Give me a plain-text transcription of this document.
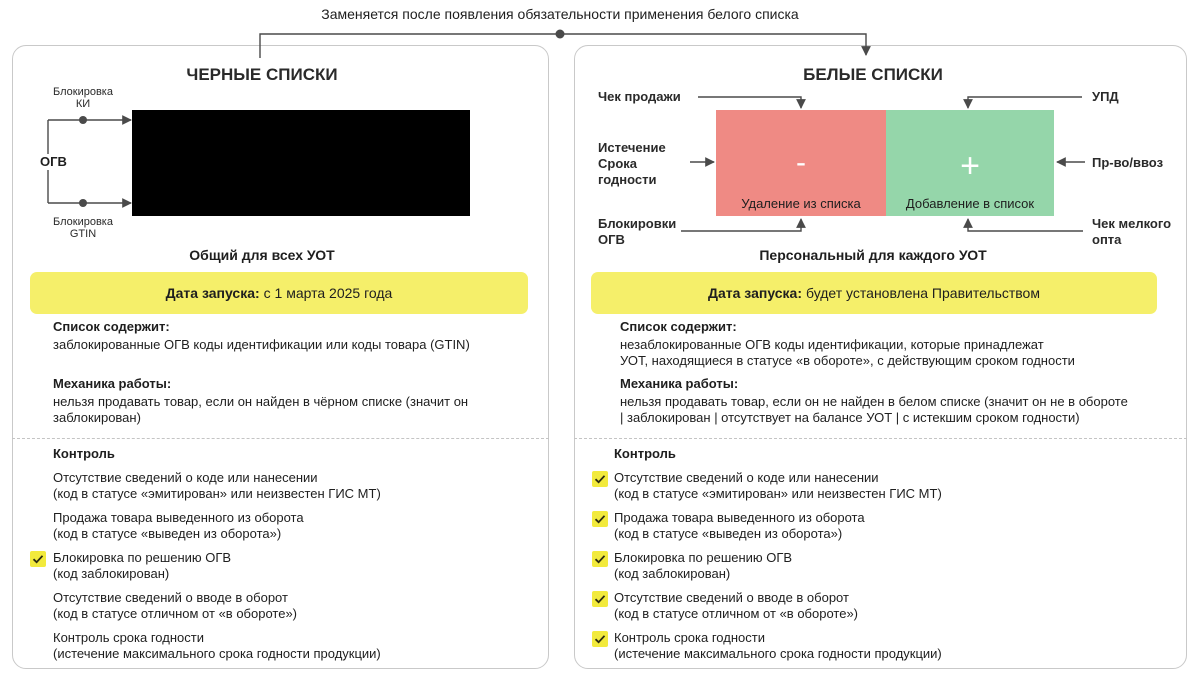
Заменяется после появления обязательности применения белого списка
ЧЕРНЫЕ СПИСКИ
Блокировка
КИ
Блокировка
GTIN
Общий для всех УОТ
Дата запуска: с 1 марта 2025 года
Список содержит:
заблокированные ОГВ коды идентификации или коды товара (GTIN)
Механика работы:
нельзя продавать товар, если он найден в чёрном списке (значит он
заблокирован)
Контроль
Отсутствие сведений о коде или нанесении
(код в статусе «эмитирован» или неизвестен ГИС МТ)
Продажа товара выведенного из оборота
(код в статусе «выведен из оборота»)
Блокировка по решению ОГВ
(код заблокирован)
Отсутствие сведений о вводе в оборот
(код в статусе отличном от «в обороте»)
Контроль срока годности
(истечение максимального срока годности продукции)
БЕЛЫЕ СПИСКИ
Чек продажи
Истечение
Срока
годности
Блокировки
ОГВ
УПД
Пр-во/ввоз
Чек мелкого
опта
-
Удаление из списка
+
Добавление в список
Персональный для каждого УОТ
Дата запуска: будет установлена Правительством
Список содержит:
незаблокированные ОГВ коды идентификации, которые принадлежат
УОТ, находящиеся в статусе «в обороте», с действующим сроком годности
Механика работы:
нельзя продавать товар, если он не найден в белом списке (значит он не в обороте
| заблокирован | отсутствует на балансе УОТ | с истекшим сроком годности)
Контроль
Отсутствие сведений о коде или нанесении
(код в статусе «эмитирован» или неизвестен ГИС МТ)
Продажа товара выведенного из оборота
(код в статусе «выведен из оборота»)
Блокировка по решению ОГВ
(код заблокирован)
Отсутствие сведений о вводе в оборот
(код в статусе отличном от «в обороте»)
Контроль срока годности
(истечение максимального срока годности продукции)
ОГВ
